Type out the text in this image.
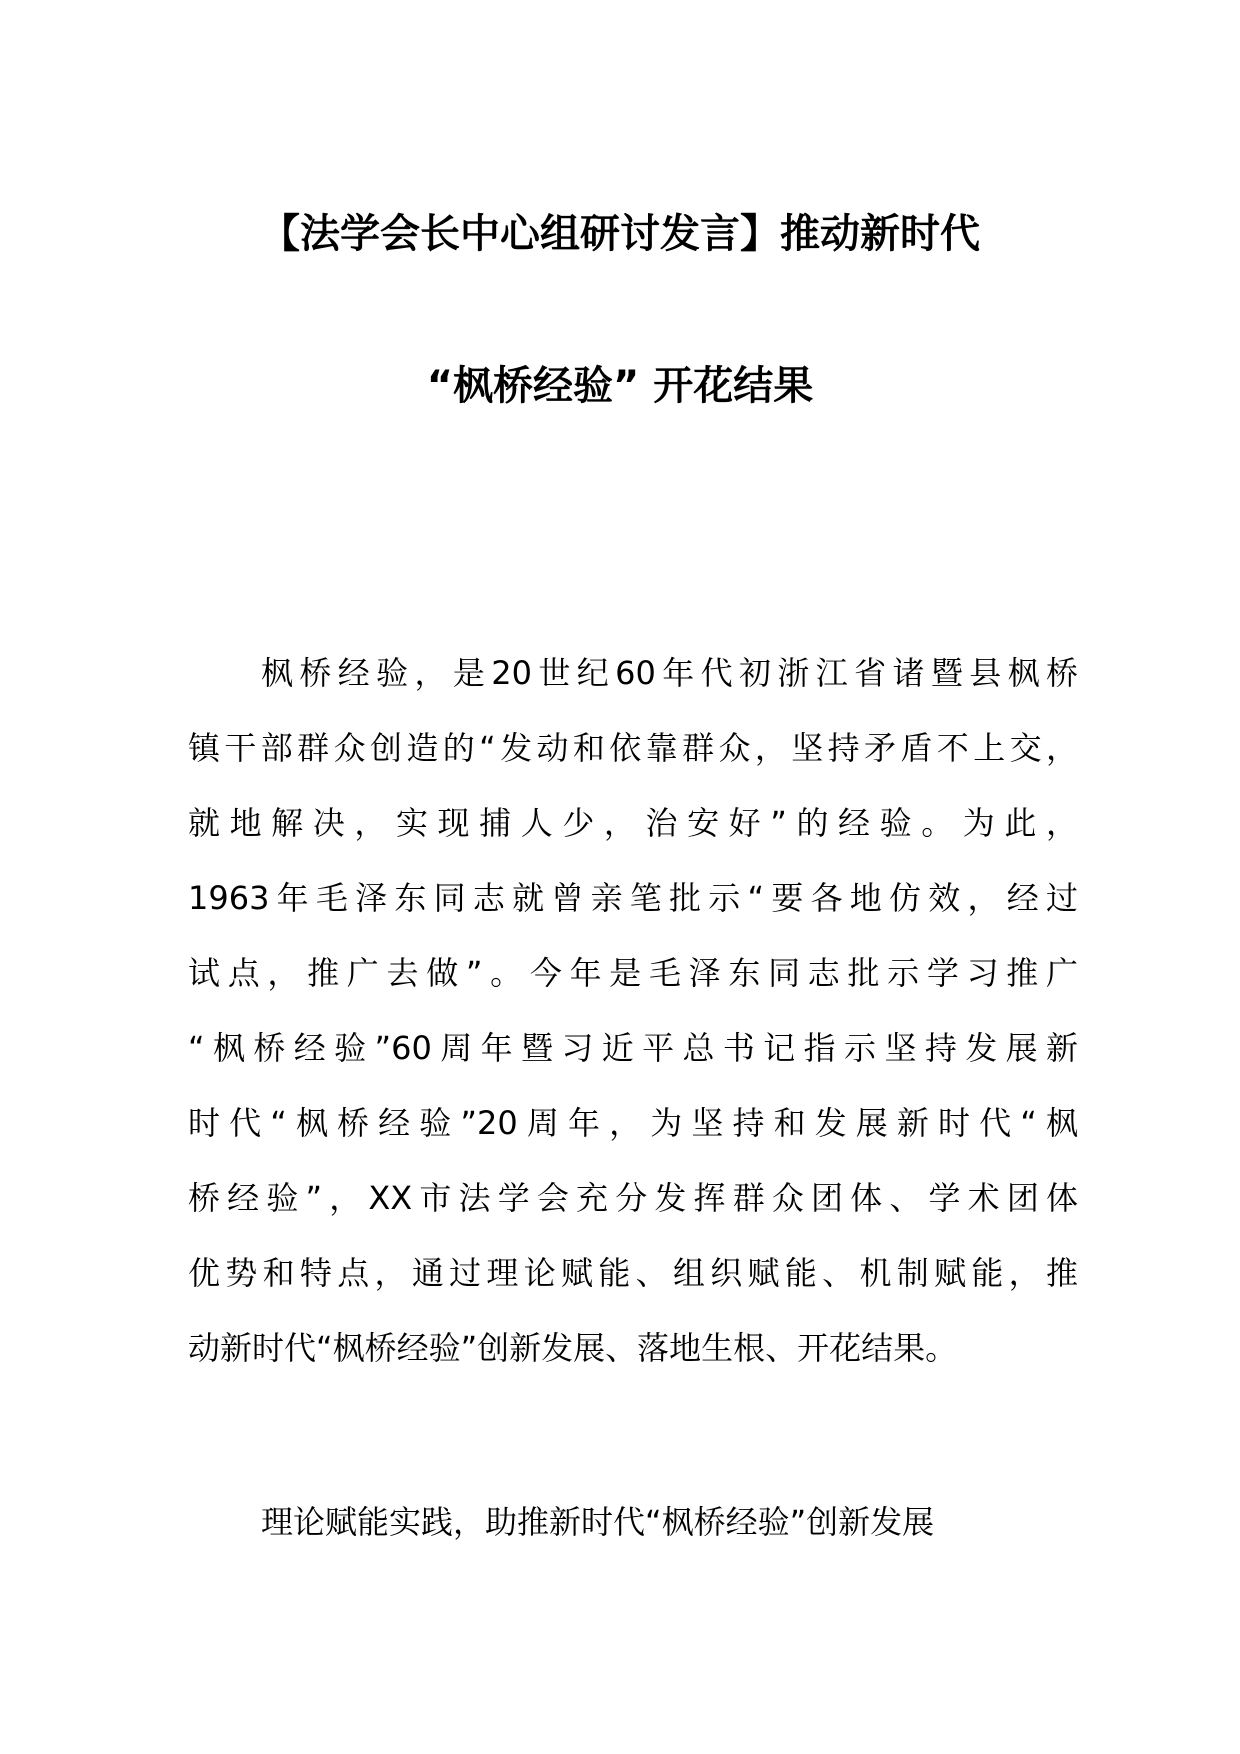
【法学会长中心组研讨发言】推动新时代
“枫桥经验” 开花结果
枫桥经验，是20世纪60年代初浙江省诸暨县枫桥
镇干部群众创造的“发动和依靠群众，坚持矛盾不上交，
就地解决，实现捕人少，治安好”的经验。为此，
1963年毛泽东同志就曾亲笔批示“要各地仿效，经过
试点，推广去做”。今年是毛泽东同志批示学习推广
“枫桥经验”60周年暨习近平总书记指示坚持发展新
时代“枫桥经验”20周年，为坚持和发展新时代“枫
桥经验”，XX市法学会充分发挥群众团体、学术团体
优势和特点，通过理论赋能、组织赋能、机制赋能，推
动新时代“枫桥经验”创新发展、落地生根、开花结果。
理论赋能实践，助推新时代“枫桥经验”创新发展
